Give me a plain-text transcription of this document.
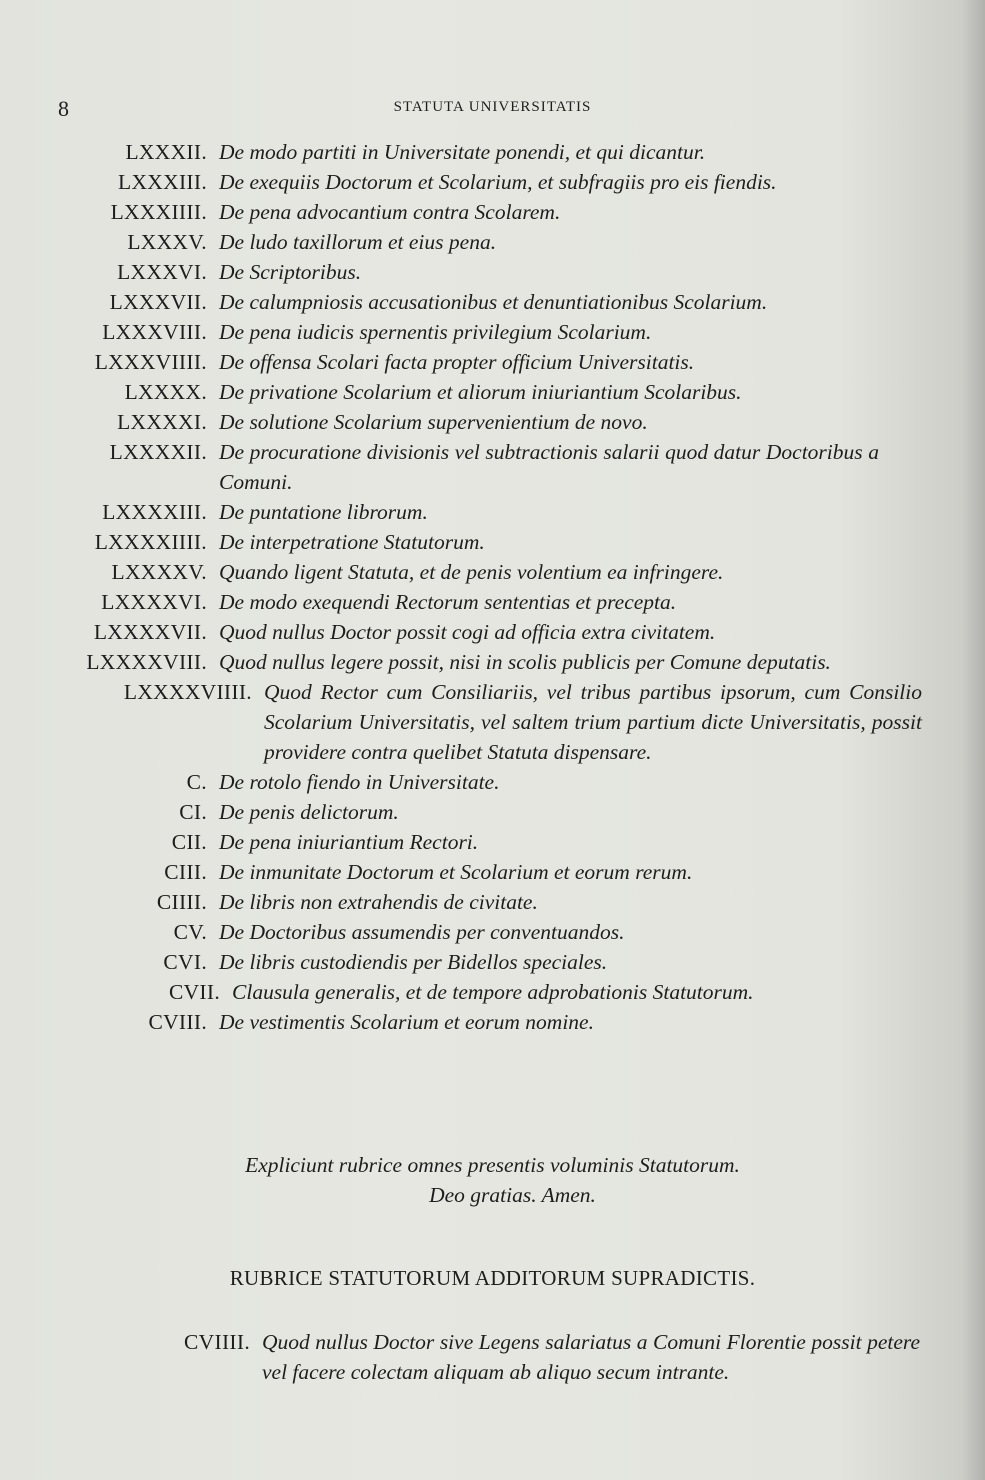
8	STATUTA UNIVERSITATIS
LXXXII. De modo partiti in Universitate ponendi, et qui dicantur.
LXXXIII. De exequiis Doctorum et Scolarium, et subfragiis pro eis fiendis.
LXXXIIII. De pena advocantium contra Scolarem.
LXXXV. De ludo taxillorum et eius pena.
LXXXVI. De Scriptoribus.
LXXXVII. De calumpniosis accusationibus et denuntiationibus Scolarium.
LXXXVIII. De pena iudicis spernentis privilegium Scolarium.
LXXXVIIII. De offensa Scolari facta propter officium Universitatis.
LXXXX. De privatione Scolarium et aliorum iniuriantium Scolaribus.
LXXXXI. De solutione Scolarium supervenientium de novo.
LXXXXII. De procuratione divisionis vel subtractionis salarii quod datur Doctoribus a Comuni.
LXXXXIII. De puntatione librorum.
LXXXXIIII. De interpetratione Statutorum.
LXXXXV. Quando ligent Statuta, et de penis volentium ea infringere.
LXXXXVI. De modo exequendi Rectorum sententias et precepta.
LXXXXVII. Quod nullus Doctor possit cogi ad officia extra civitatem.
LXXXXVIII. Quod nullus legere possit, nisi in scolis publicis per Comune deputatis.
LXXXXVIIII. Quod Rector cum Consiliariis, vel tribus partibus ipsorum, cum Consilio Scolarium Universitatis, vel saltem trium partium dicte Universitatis, possit providere contra quelibet Statuta dispensare.
C. De rotolo fiendo in Universitate.
CI. De penis delictorum.
CII. De pena iniuriantium Rectori.
CIII. De inmunitate Doctorum et Scolarium et eorum rerum.
CIIII. De libris non extrahendis de civitate.
CV. De Doctoribus assumendis per conventuandos.
CVI. De libris custodiendis per Bidellos speciales.
CVII. Clausula generalis, et de tempore adprobationis Statutorum.
CVIII. De vestimentis Scolarium et eorum nomine.
Expliciunt rubrice omnes presentis voluminis Statutorum.
Deo gratias. Amen.
RUBRICE STATUTORUM ADDITORUM SUPRADICTIS.
CVIIII. Quod nullus Doctor sive Legens salariatus a Comuni Florentie possit petere vel facere colectam aliquam ab aliquo secum intrante.
